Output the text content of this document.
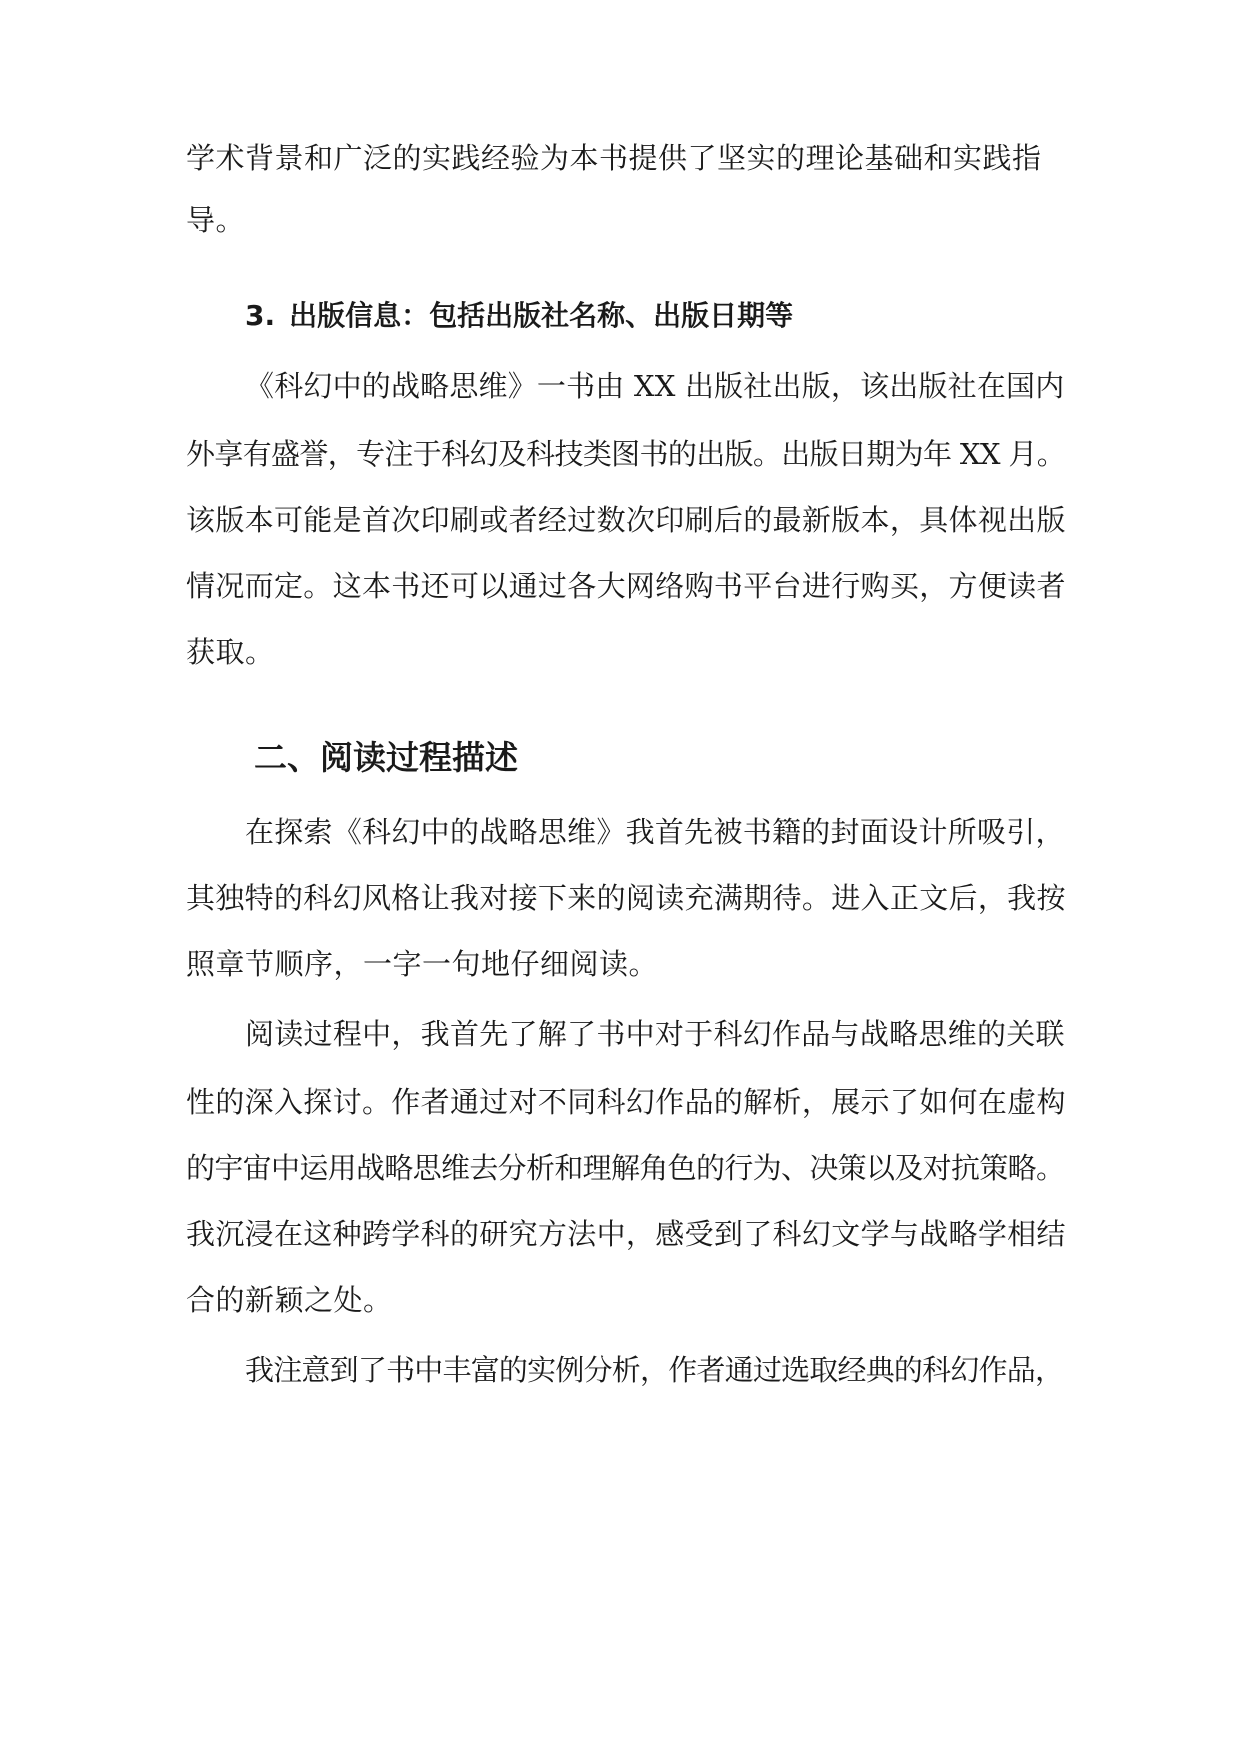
学术背景和广泛的实践经验为本书提供了坚实的理论基础和实践指
导。
3. 出版信息：包括出版社名称、出版日期等
《科幻中的战略思维》一书由 XX 出版社出版，该出版社在国内
外享有盛誉，专注于科幻及科技类图书的出版。出版日期为年 XX 月。
该版本可能是首次印刷或者经过数次印刷后的最新版本，具体视出版
情况而定。这本书还可以通过各大网络购书平台进行购买，方便读者
获取。
二、阅读过程描述
在探索《科幻中的战略思维》我首先被书籍的封面设计所吸引，
其独特的科幻风格让我对接下来的阅读充满期待。进入正文后，我按
照章节顺序，一字一句地仔细阅读。
阅读过程中，我首先了解了书中对于科幻作品与战略思维的关联
性的深入探讨。作者通过对不同科幻作品的解析，展示了如何在虚构
的宇宙中运用战略思维去分析和理解角色的行为、决策以及对抗策略。
我沉浸在这种跨学科的研究方法中，感受到了科幻文学与战略学相结
合的新颖之处。
我注意到了书中丰富的实例分析，作者通过选取经典的科幻作品，
